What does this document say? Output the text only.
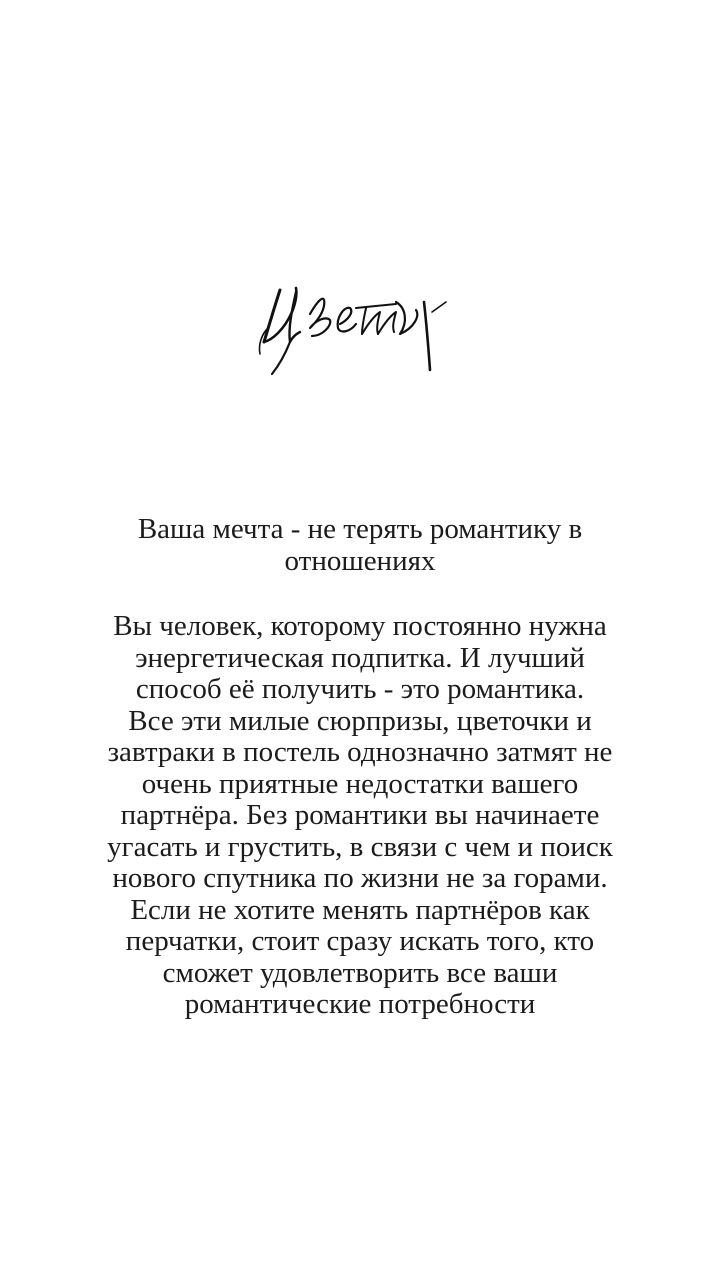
Ваша мечта - не терять романтику в
отношениях
Вы человек, которому постоянно нужна
энергетическая подпитка. И лучший
способ её получить - это романтика.
Все эти милые сюрпризы, цветочки и
завтраки в постель однозначно затмят не
очень приятные недостатки вашего
партнёра. Без романтики вы начинаете
угасать и грустить, в связи с чем и поиск
нового спутника по жизни не за горами.
Если не хотите менять партнёров как
перчатки, стоит сразу искать того, кто
сможет удовлетворить все ваши
романтические потребности
